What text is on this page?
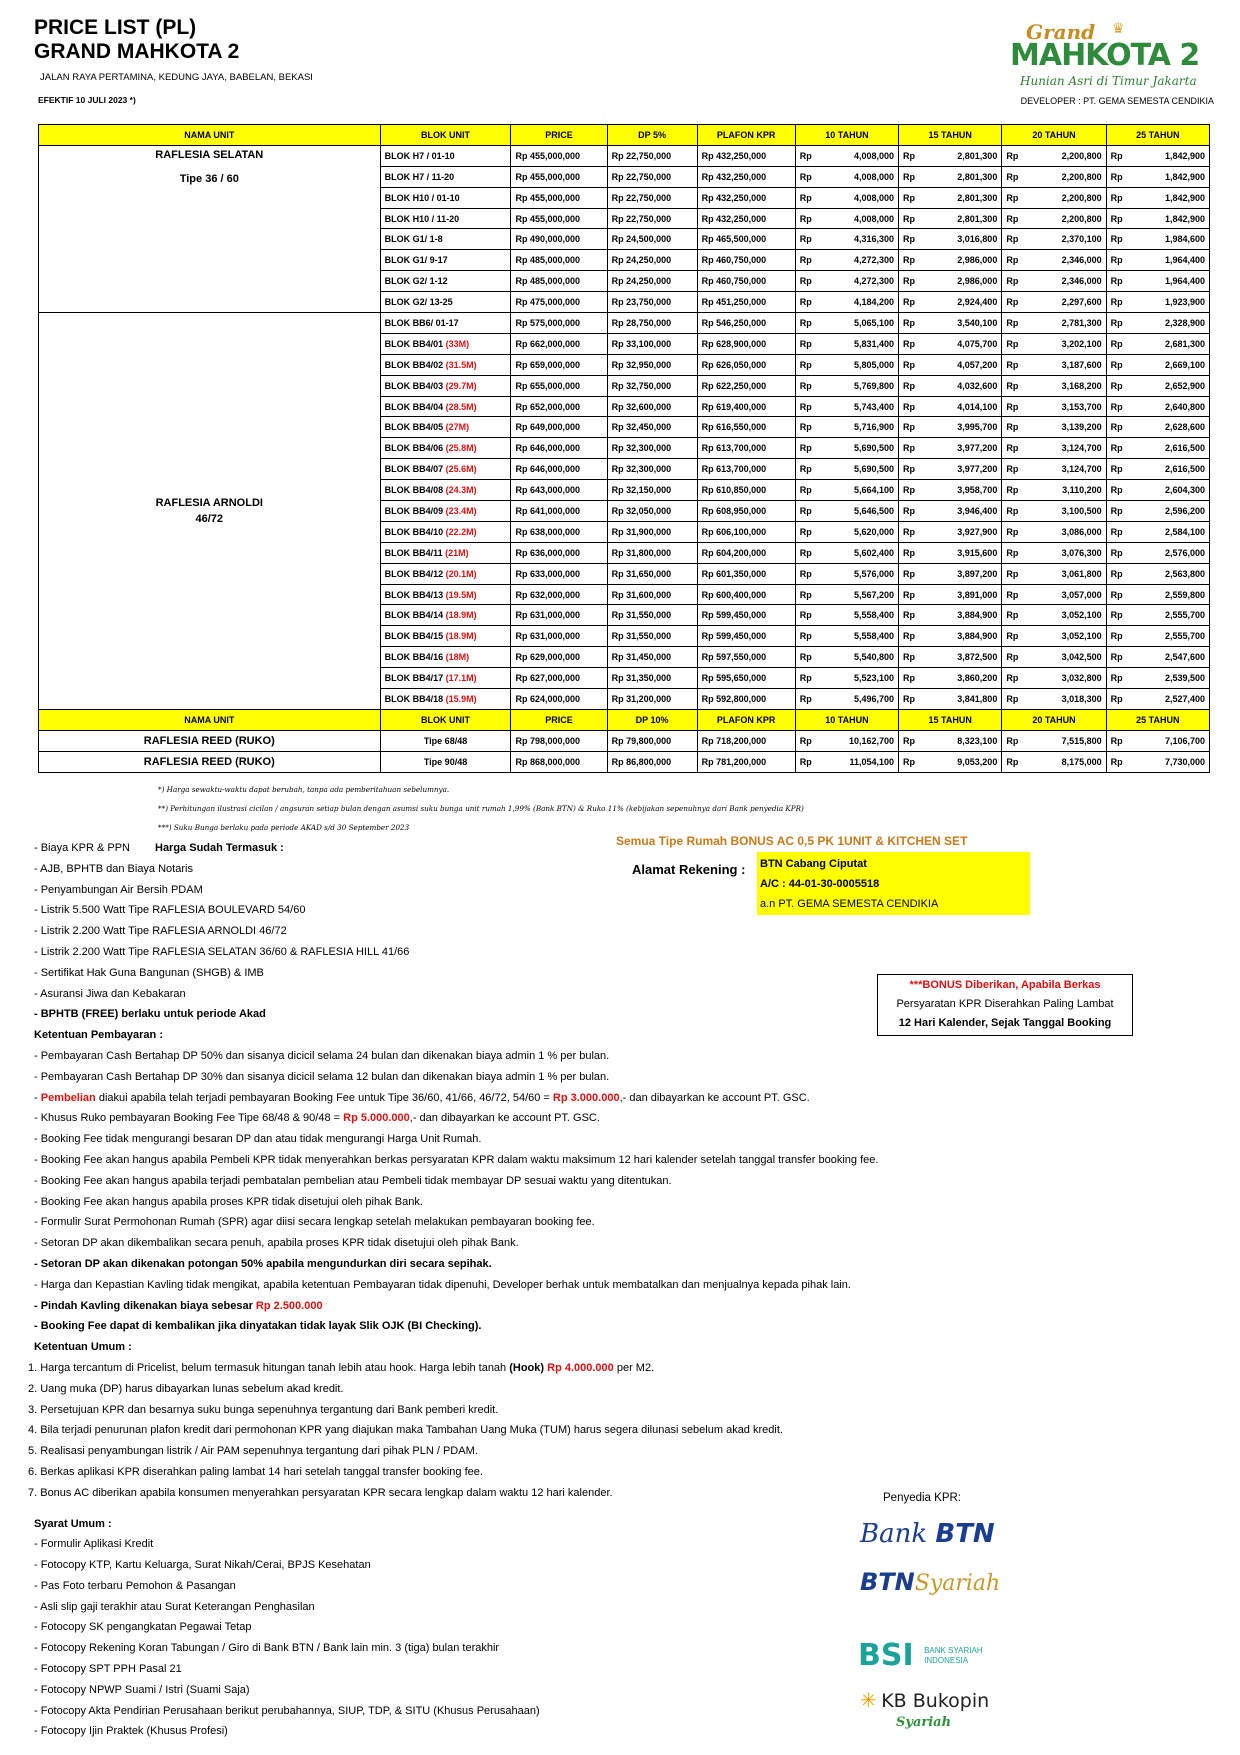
PRICE LIST (PL)
GRAND MAHKOTA 2
JALAN RAYA PERTAMINA, KEDUNG JAYA, BABELAN, BEKASI
EFEKTIF 10 JULI 2023 *)	DEVELOPER : PT. GEMA SEMESTA CENDIKIA
Grand ♛
MAHKOTA 2
Hunian Asri di Timur Jakarta
NAMA UNIT	BLOK UNIT	PRICE	DP 5%	PLAFON KPR	10 TAHUN	15 TAHUN	20 TAHUN	25 TAHUN

RAFLESIA SELATAN
Tipe 36 / 60	BLOK H7 / 01-10	Rp 455,000,000	Rp 22,750,000	Rp 432,250,000	Rp 4,008,000	Rp 2,801,300	Rp 2,200,800	Rp 1,842,900

	BLOK H7 / 11-20	Rp 455,000,000	Rp 22,750,000	Rp 432,250,000	Rp 4,008,000	Rp 2,801,300	Rp 2,200,800	Rp 1,842,900

	BLOK H10 / 01-10	Rp 455,000,000	Rp 22,750,000	Rp 432,250,000	Rp 4,008,000	Rp 2,801,300	Rp 2,200,800	Rp 1,842,900

	BLOK H10 / 11-20	Rp 455,000,000	Rp 22,750,000	Rp 432,250,000	Rp 4,008,000	Rp 2,801,300	Rp 2,200,800	Rp 1,842,900

	BLOK G1/ 1-8	Rp 490,000,000	Rp 24,500,000	Rp 465,500,000	Rp 4,316,300	Rp 3,016,800	Rp 2,370,100	Rp 1,984,600

	BLOK G1/ 9-17	Rp 485,000,000	Rp 24,250,000	Rp 460,750,000	Rp 4,272,300	Rp 2,986,000	Rp 2,346,000	Rp 1,964,400

	BLOK G2/ 1-12	Rp 485,000,000	Rp 24,250,000	Rp 460,750,000	Rp 4,272,300	Rp 2,986,000	Rp 2,346,000	Rp 1,964,400

	BLOK G2/ 13-25	Rp 475,000,000	Rp 23,750,000	Rp 451,250,000	Rp 4,184,200	Rp 2,924,400	Rp 2,297,600	Rp 1,923,900

RAFLESIA ARNOLDI
46/72	BLOK BB6/ 01-17	Rp 575,000,000	Rp 28,750,000	Rp 546,250,000	Rp 5,065,100	Rp 3,540,100	Rp 2,781,300	Rp 2,328,900

	BLOK BB4/01 (33M)	Rp 662,000,000	Rp 33,100,000	Rp 628,900,000	Rp 5,831,400	Rp 4,075,700	Rp 3,202,100	Rp 2,681,300

	BLOK BB4/02 (31.5M)	Rp 659,000,000	Rp 32,950,000	Rp 626,050,000	Rp 5,805,000	Rp 4,057,200	Rp 3,187,600	Rp 2,669,100

	BLOK BB4/03 (29.7M)	Rp 655,000,000	Rp 32,750,000	Rp 622,250,000	Rp 5,769,800	Rp 4,032,600	Rp 3,168,200	Rp 2,652,900

	BLOK BB4/04 (28.5M)	Rp 652,000,000	Rp 32,600,000	Rp 619,400,000	Rp 5,743,400	Rp 4,014,100	Rp 3,153,700	Rp 2,640,800

	BLOK BB4/05 (27M)	Rp 649,000,000	Rp 32,450,000	Rp 616,550,000	Rp 5,716,900	Rp 3,995,700	Rp 3,139,200	Rp 2,628,600

	BLOK BB4/06 (25.8M)	Rp 646,000,000	Rp 32,300,000	Rp 613,700,000	Rp 5,690,500	Rp 3,977,200	Rp 3,124,700	Rp 2,616,500

	BLOK BB4/07 (25.6M)	Rp 646,000,000	Rp 32,300,000	Rp 613,700,000	Rp 5,690,500	Rp 3,977,200	Rp 3,124,700	Rp 2,616,500

	BLOK BB4/08 (24.3M)	Rp 643,000,000	Rp 32,150,000	Rp 610,850,000	Rp 5,664,100	Rp 3,958,700	Rp 3,110,200	Rp 2,604,300

	BLOK BB4/09 (23.4M)	Rp 641,000,000	Rp 32,050,000	Rp 608,950,000	Rp 5,646,500	Rp 3,946,400	Rp 3,100,500	Rp 2,596,200

	BLOK BB4/10 (22.2M)	Rp 638,000,000	Rp 31,900,000	Rp 606,100,000	Rp 5,620,000	Rp 3,927,900	Rp 3,086,000	Rp 2,584,100

	BLOK BB4/11 (21M)	Rp 636,000,000	Rp 31,800,000	Rp 604,200,000	Rp 5,602,400	Rp 3,915,600	Rp 3,076,300	Rp 2,576,000

	BLOK BB4/12 (20.1M)	Rp 633,000,000	Rp 31,650,000	Rp 601,350,000	Rp 5,576,000	Rp 3,897,200	Rp 3,061,800	Rp 2,563,800

	BLOK BB4/13 (19.5M)	Rp 632,000,000	Rp 31,600,000	Rp 600,400,000	Rp 5,567,200	Rp 3,891,000	Rp 3,057,000	Rp 2,559,800

	BLOK BB4/14 (18.9M)	Rp 631,000,000	Rp 31,550,000	Rp 599,450,000	Rp 5,558,400	Rp 3,884,900	Rp 3,052,100	Rp 2,555,700

	BLOK BB4/15 (18.9M)	Rp 631,000,000	Rp 31,550,000	Rp 599,450,000	Rp 5,558,400	Rp 3,884,900	Rp 3,052,100	Rp 2,555,700

	BLOK BB4/16 (18M)	Rp 629,000,000	Rp 31,450,000	Rp 597,550,000	Rp 5,540,800	Rp 3,872,500	Rp 3,042,500	Rp 2,547,600

	BLOK BB4/17 (17.1M)	Rp 627,000,000	Rp 31,350,000	Rp 595,650,000	Rp 5,523,100	Rp 3,860,200	Rp 3,032,800	Rp 2,539,500

	BLOK BB4/18 (15.9M)	Rp 624,000,000	Rp 31,200,000	Rp 592,800,000	Rp 5,496,700	Rp 3,841,800	Rp 3,018,300	Rp 2,527,400

NAMA UNIT	BLOK UNIT	PRICE	DP 10%	PLAFON KPR	10 TAHUN	15 TAHUN	20 TAHUN	25 TAHUN
RAFLESIA REED (RUKO)	Tipe 68/48	Rp 798,000,000	Rp 79,800,000	Rp 718,200,000	Rp 10,162,700	Rp 8,323,100	Rp 7,515,800	Rp 7,106,700

RAFLESIA REED (RUKO)	Tipe 90/48	Rp 868,000,000	Rp 86,800,000	Rp 781,200,000	Rp 11,054,100	Rp 9,053,200	Rp 8,175,000	Rp 7,730,000
*) Harga sewaktu-waktu dapat berubah, tanpa ada pemberitahuan sebelumnya.
**) Perhitungan ilustrasi cicilan / angsuran setiap bulan dengan asumsi suku bunga unit rumah 1,99% (Bank BTN) & Ruko 11% (kebijakan sepenuhnya dari Bank penyedia KPR)
***) Suku Bunga berlaku pada periode AKAD s/d 30 September 2023
- Biaya KPR & PPN
- AJB, BPHTB dan Biaya Notaris
- Penyambungan Air Bersih PDAM
- Listrik 5.500 Watt Tipe RAFLESIA BOULEVARD 54/60
- Listrik 2.200 Watt Tipe RAFLESIA ARNOLDI 46/72
- Listrik 2.200 Watt Tipe RAFLESIA SELATAN 36/60 & RAFLESIA HILL 41/66
- Sertifikat Hak Guna Bangunan (SHGB) & IMB
- Asuransi Jiwa dan Kebakaran
- BPHTB (FREE) berlaku untuk periode Akad
Ketentuan Pembayaran :
- Pembayaran Cash Bertahap DP 50% dan sisanya dicicil selama 24 bulan dan dikenakan biaya admin 1 % per bulan.
- Pembayaran Cash Bertahap DP 30% dan sisanya dicicil selama 12 bulan dan dikenakan biaya admin 1 % per bulan.
- Pembelian diakui apabila telah terjadi pembayaran Booking Fee untuk Tipe 36/60, 41/66, 46/72, 54/60 = Rp 3.000.000,- dan dibayarkan ke account PT. GSC.
- Khusus Ruko pembayaran Booking Fee Tipe 68/48 & 90/48 = Rp 5.000.000,- dan dibayarkan ke account PT. GSC.
- Booking Fee tidak mengurangi besaran DP dan atau tidak mengurangi Harga Unit Rumah.
- Booking Fee akan hangus apabila Pembeli KPR tidak menyerahkan berkas persyaratan KPR dalam waktu maksimum 12 hari kalender setelah tanggal transfer booking fee.
- Booking Fee akan hangus apabila terjadi pembatalan pembelian atau Pembeli tidak membayar DP sesuai waktu yang ditentukan.
- Booking Fee akan hangus apabila proses KPR tidak disetujui oleh pihak Bank.
- Formulir Surat Permohonan Rumah (SPR) agar diisi secara lengkap setelah melakukan pembayaran booking fee.
- Setoran DP akan dikembalikan secara penuh, apabila proses KPR tidak disetujui oleh pihak Bank.
- Setoran DP akan dikenakan potongan 50% apabila mengundurkan diri secara sepihak.
- Harga dan Kepastian Kavling tidak mengikat, apabila ketentuan Pembayaran tidak dipenuhi, Developer berhak untuk membatalkan dan menjualnya kepada pihak lain.
- Pindah Kavling dikenakan biaya sebesar Rp 2.500.000
- Booking Fee dapat di kembalikan jika dinyatakan tidak layak Slik OJK (BI Checking).
Ketentuan Umum :
1. Harga tercantum di Pricelist, belum termasuk hitungan tanah lebih atau hook. Harga lebih tanah (Hook) Rp 4.000.000 per M2.
2. Uang muka (DP) harus dibayarkan lunas sebelum akad kredit.
3. Persetujuan KPR dan besarnya suku bunga sepenuhnya tergantung dari Bank pemberi kredit.
4. Bila terjadi penurunan plafon kredit dari permohonan KPR yang diajukan maka Tambahan Uang Muka (TUM) harus segera dilunasi sebelum akad kredit.
5. Realisasi penyambungan listrik / Air PAM sepenuhnya tergantung dari pihak PLN / PDAM.
6. Berkas aplikasi KPR diserahkan paling lambat 14 hari setelah tanggal transfer booking fee.
7. Bonus AC diberikan apabila konsumen menyerahkan persyaratan KPR secara lengkap dalam waktu 12 hari kalender.
Syarat Umum :
- Formulir Aplikasi Kredit
- Fotocopy KTP, Kartu Keluarga, Surat Nikah/Cerai, BPJS Kesehatan
- Pas Foto terbaru Pemohon & Pasangan
- Asli slip gaji terakhir atau Surat Keterangan Penghasilan
- Fotocopy SK pengangkatan Pegawai Tetap
- Fotocopy Rekening Koran Tabungan / Giro di Bank BTN / Bank lain min. 3 (tiga) bulan terakhir
- Fotocopy SPT PPH Pasal 21
- Fotocopy NPWP Suami / Istri (Suami Saja)
- Fotocopy Akta Pendirian Perusahaan berikut perubahannya, SIUP, TDP, & SITU (Khusus Perusahaan)
- Fotocopy Ijin Praktek (Khusus Profesi)
Harga Sudah Termasuk :	Semua Tipe Rumah BONUS AC 0,5 PK 1UNIT & KITCHEN SET
Alamat Rekening : BTN Cabang Ciputat
A/C : 44-01-30-0005518
a.n PT. GEMA SEMESTA CENDIKIA
***BONUS Diberikan, Apabila Berkas
Persyaratan KPR Diserahkan Paling Lambat
12 Hari Kalender, Sejak Tanggal Booking
Penyedia KPR:
Bank BTN
BTNSyariah
BSI BANK SYARIAH
INDONESIA
✳ KB Bukopin
Syariah
